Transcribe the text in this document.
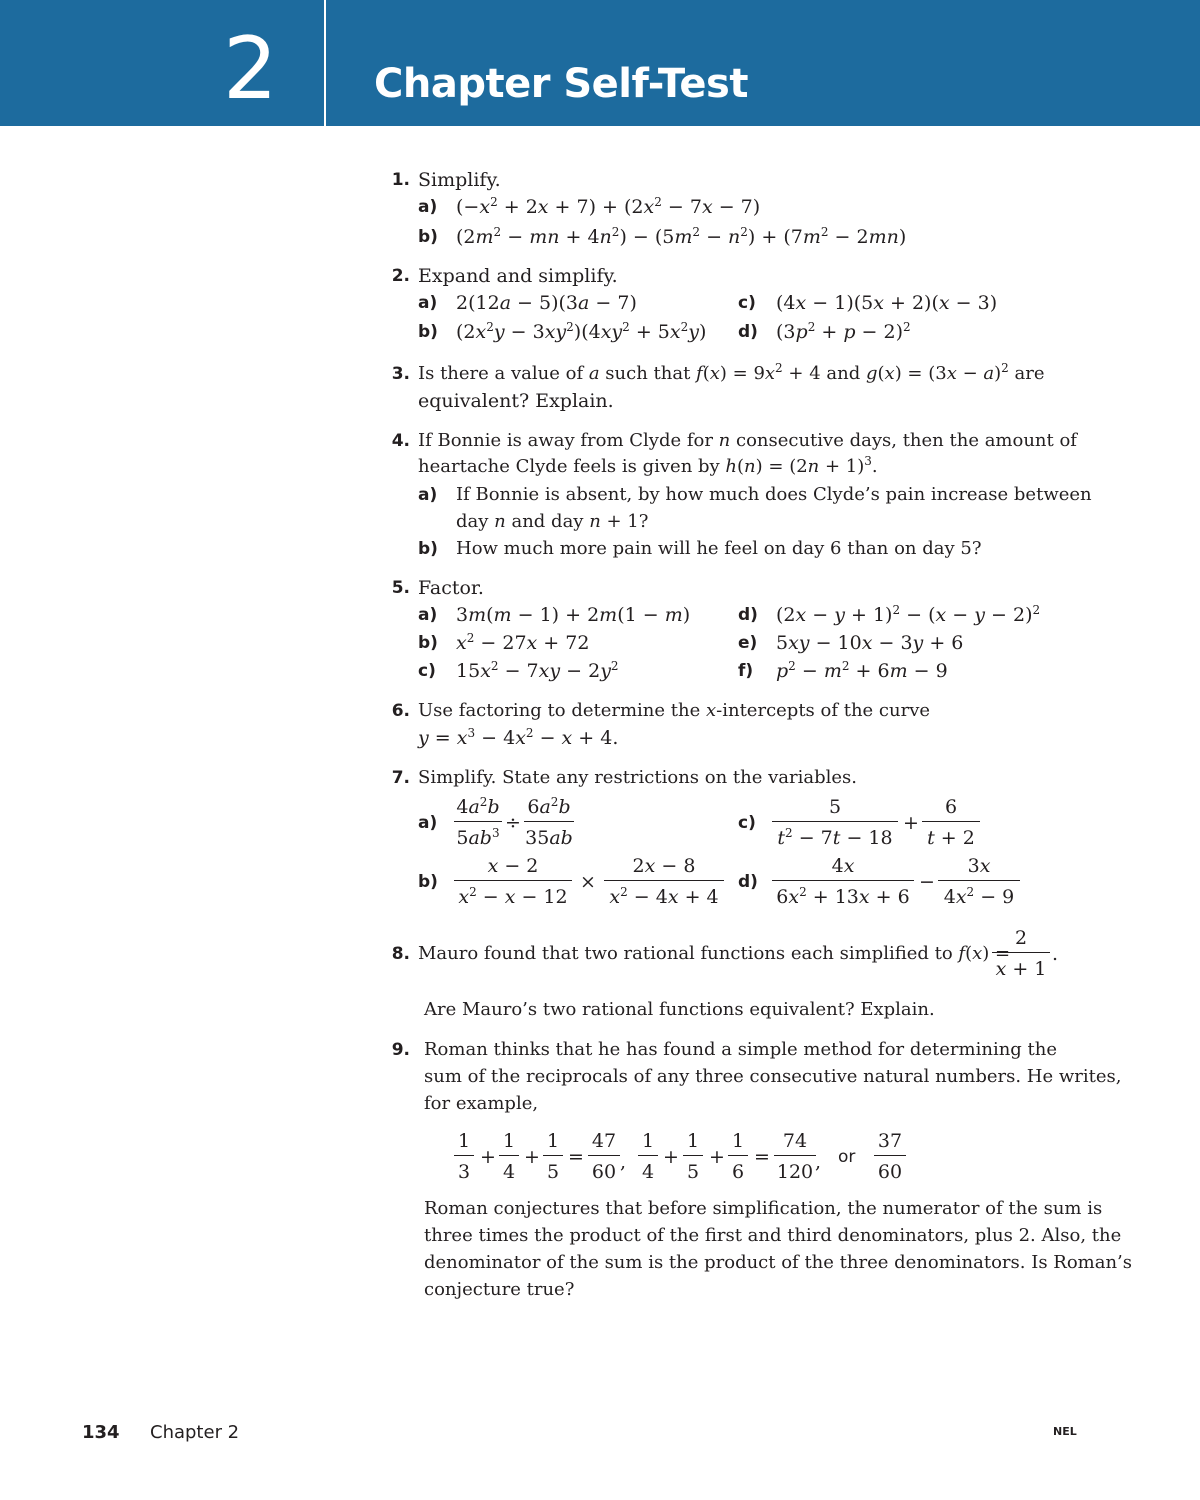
2 Chapter Self-Test
1. Simplify.
a) $(-x^2 + 2x + 7) + (2x^2 - 7x - 7)$
b) ($2m^2$ − mn + $4n^2) - (5m^2 - n^2) + (7m^2 - 2mn)$
2. Expand and simplify.
a) 2(12a − 5)(3a − 7)	c) (4x − 1)(5x + 2)(x − 3)
b) $(2x^2y - 3xy^2)(4xy^2 + 5x^2y)$ d) $(3p^2 + p - 2)^2$
3. Is there a value of a such that $f(x) = 9x^2 + 4$ and $g(x) = (3x - a)^2$ are
equivalent? Explain.
4. If Bonnie is away from Clyde for n consecutive days, then the amount of
heartache Clyde feels is given by $h(n) = (2n + 1)^3$.
a) If Bonnie is absent, by how much does Clyde’s pain increase between
day n and day n + 1?
b) How much more pain will he feel on day 6 than on day 5?
5. Factor.
a) 3m(m − 1) + 2m(1 − m)	d) $(2x - y + 1)^2 - (x - y - 2)^2$
b) $x^2 - 27x + 72$	e) 5xy − 10x − 3y + 6
c) $15x^2 - 7xy - 2y^2$	f) $p^2 - m^2 + 6m - 9$
6. Use factoring to determine the x-intercepts of the curve
$y = x^3 - 4x^2 - x + 4$.
7. Simplify. State any restrictions on the variables.
$a) \frac{4a^2b}{5ab^3} \div \frac{6a^2b}{35ab}$	$c) \frac{5}{t^2 - 7t - 18} + \frac{6}{t + 2}$
$b) \frac{x - 2}{x^2 - x - 12} \times \frac{2x - 8}{x^2 - 4x + 4} d) \frac{4x}{6x^2 + 13x + 6} - \frac{3x}{4x^2 - 9}$
8. Mauro found that two rational functions each simplified to f(x) =
$\frac{2}{x + 1}$ .
Are Mauro’s two rational functions equivalent? Explain.
9. Roman thinks that he has found a simple method for determining the
sum of the reciprocals of any three consecutive natural numbers. He writes,
for example,
$\frac{1}{3} + \frac{1}{4} + \frac{1}{5} = \frac{47}{60}$ , $\frac{1}{4} + \frac{1}{5} + \frac{1}{6} = \frac{74}{120}$ , or $\frac{37}{60}$
Roman conjectures that before simplification, the numerator of the sum is
three times the product of the first and third denominators, plus 2. Also, the
denominator of the sum is the product of the three denominators. Is Roman’s
conjecture true?
134 Chapter 2	NEL
